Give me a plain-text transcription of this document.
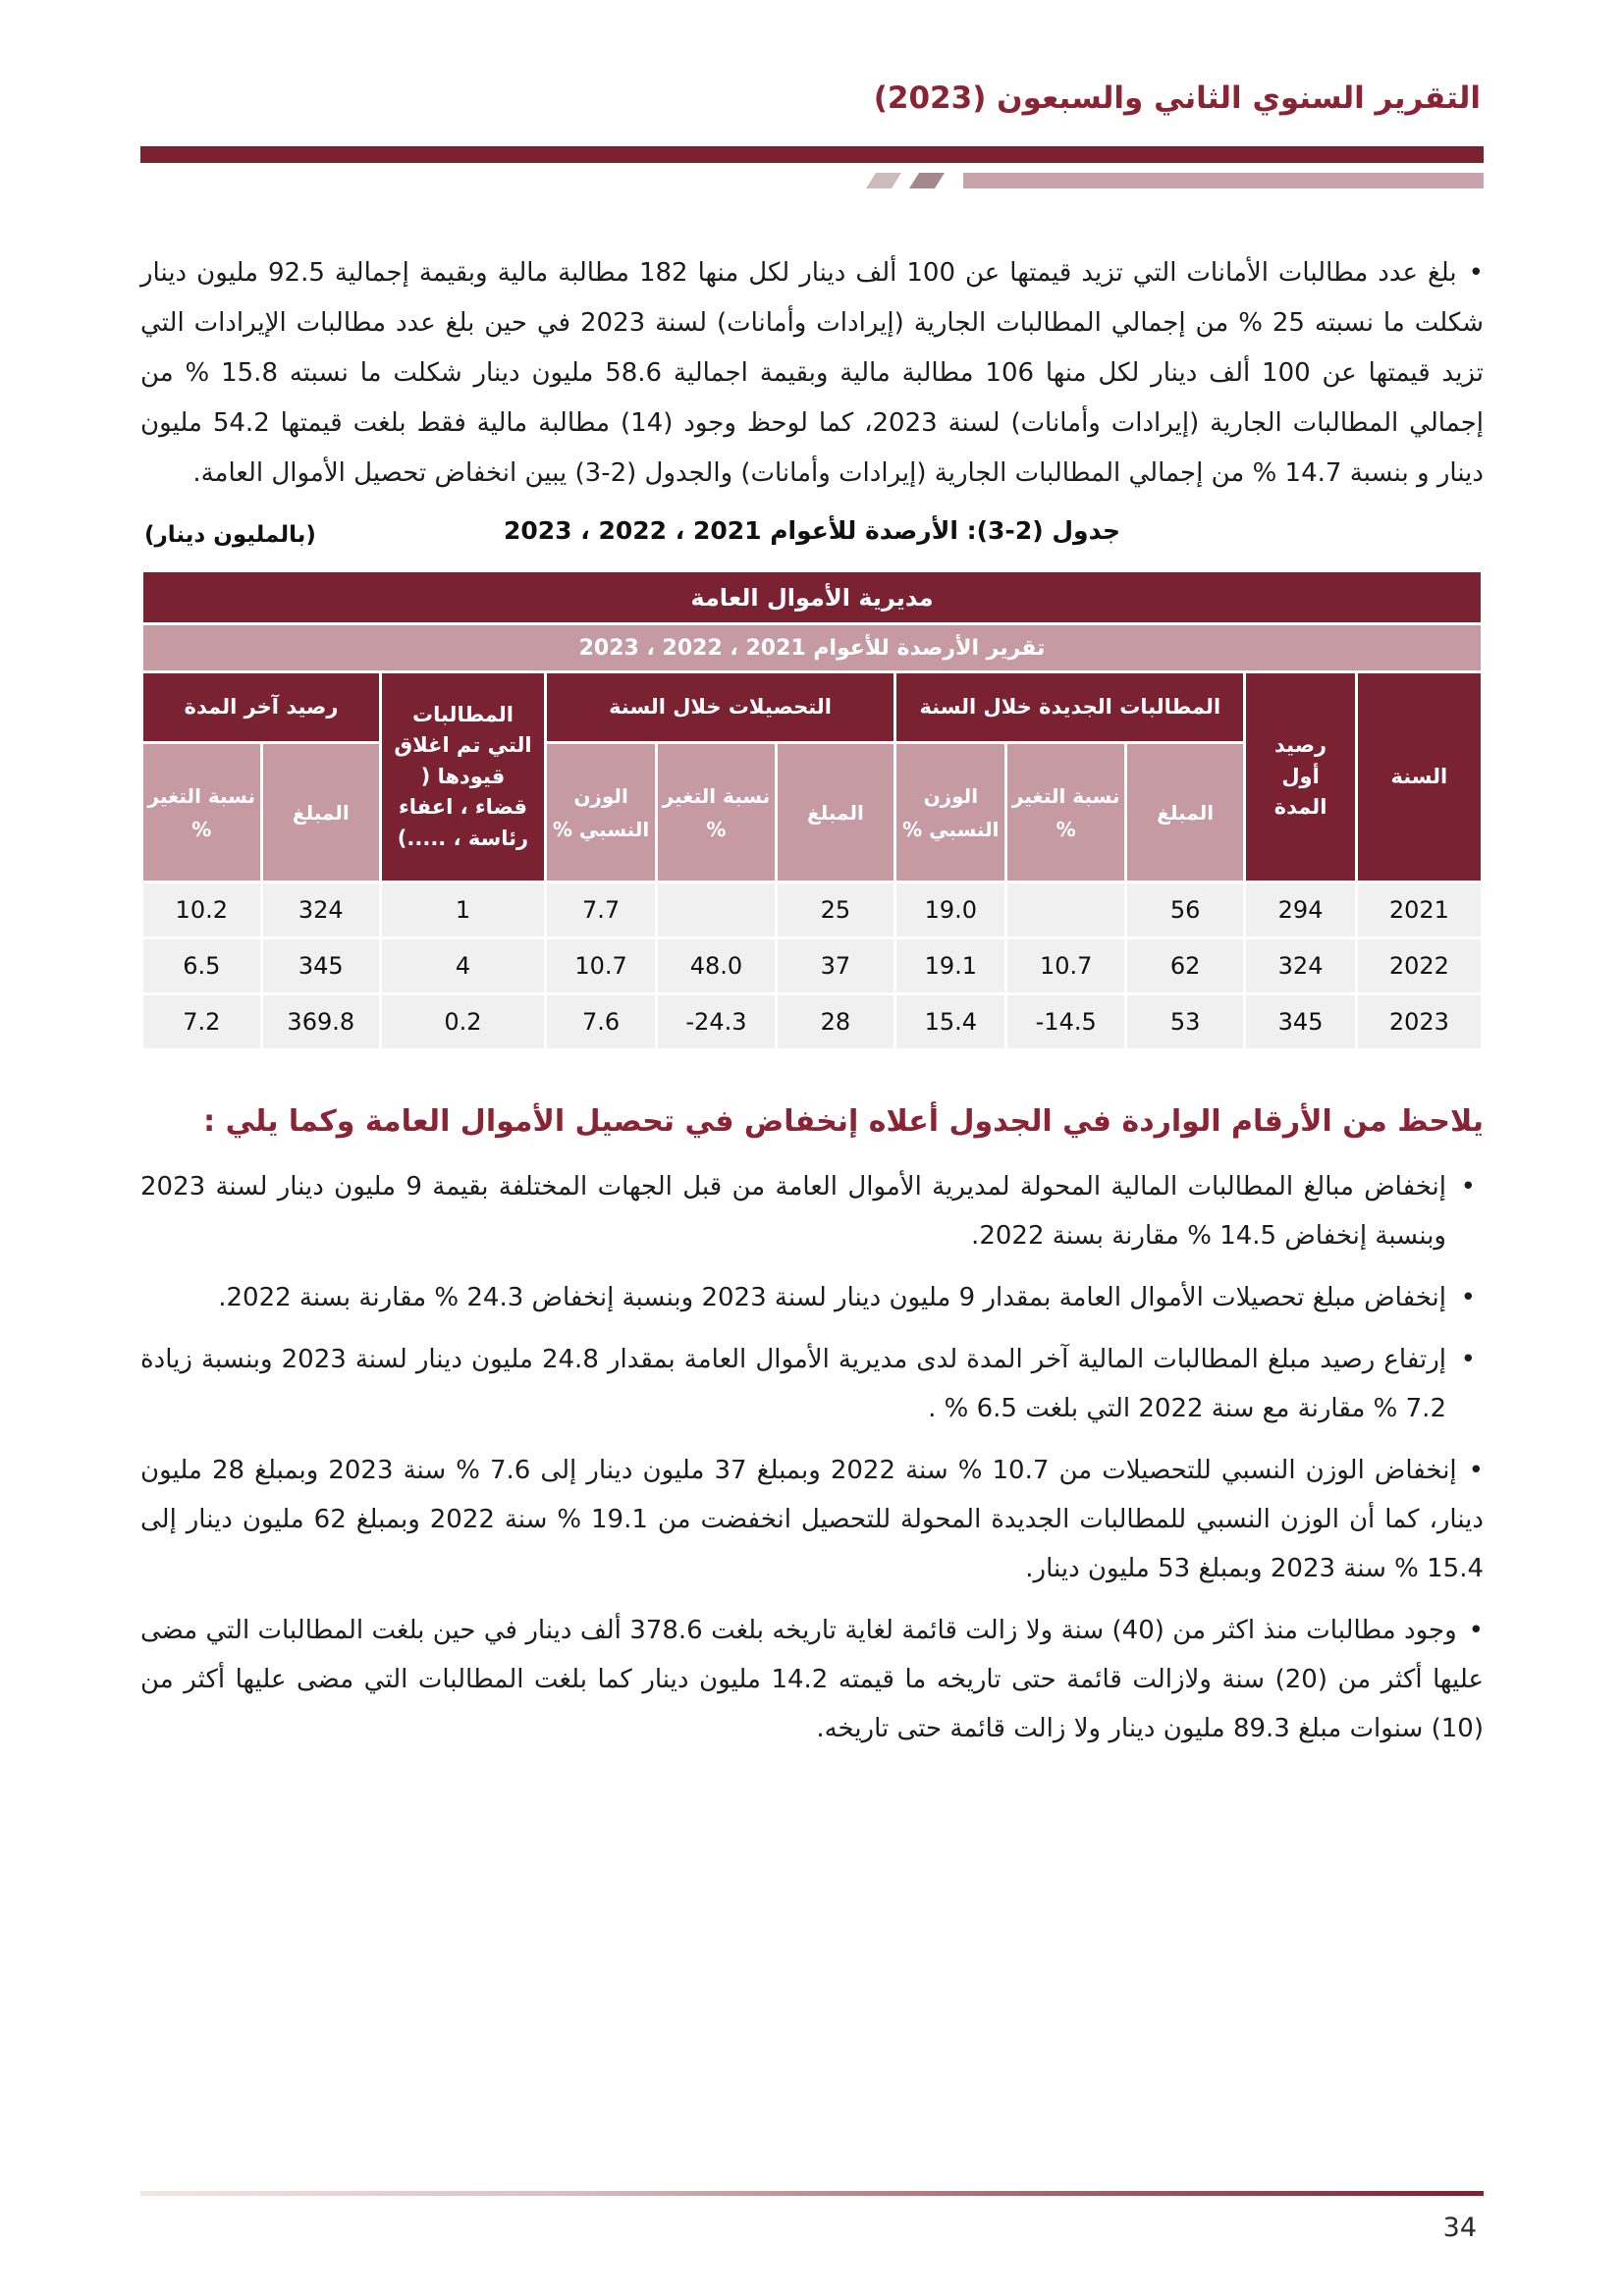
التقرير السنوي الثاني والسبعون (2023)

•بلغ عدد مطالبات الأمانات التي تزيد قيمتها عن 100 ألف دينار لكل منها 182 مطالبة مالية وبقيمة إجمالية 92.5 مليون دينار شكلت ما نسبته 25 % من إجمالي المطالبات الجارية (إيرادات وأمانات) لسنة 2023 في حين بلغ عدد مطالبات الإيرادات التي تزيد قيمتها عن 100 ألف دينار لكل منها 106 مطالبة مالية وبقيمة اجمالية 58.6 مليون دينار شكلت ما نسبته 15.8 % من إجمالي المطالبات الجارية (إيرادات وأمانات) لسنة 2023، كما لوحظ وجود (14) مطالبة مالية فقط بلغت قيمتها 54.2 مليون دينار و بنسبة 14.7 % من إجمالي المطالبات الجارية (إيرادات وأمانات) والجدول (2-3) يبين انخفاض تحصيل الأموال العامة.

(بالمليون دينار)	جدول (2-3): الأرصدة للأعوام 2021 ، 2022 ، 2023
مديرية الأموال العامة										
تقرير الأرصدة للأعوام 2021 ، 2022 ، 2023										
السنة	رصيد أول المدة	المطالبات الجديدة خلال السنة			التحصيلات خلال السنة			المطالبات التي تم اغلاق قيودها ( قضاء ، اعفاء رئاسة ، .....)	رصيد آخر المدة	
		المبلغ	نسبة التغير %	الوزن النسبي %	المبلغ	نسبة التغير %	الوزن النسبي %		المبلغ	نسبة التغير %
2021	294	56		19.0	25		7.7	1	324	10.2
2022	324	62	10.7	19.1	37	48.0	10.7	4	345	6.5
2023	345	53	-14.5	15.4	28	-24.3	7.6	0.2	369.8	7.2
يلاحظ من الأرقام الواردة في الجدول أعلاه إنخفاض في تحصيل الأموال العامة وكما يلي :
•
إنخفاض مبالغ المطالبات المالية المحولة لمديرية الأموال العامة من قبل الجهات المختلفة بقيمة 9 مليون دينار لسنة 2023 وبنسبة إنخفاض 14.5 % مقارنة بسنة 2022.
•
إنخفاض مبلغ تحصيلات الأموال العامة بمقدار 9 مليون دينار لسنة 2023 وبنسبة إنخفاض 24.3 % مقارنة بسنة 2022.
•
إرتفاع رصيد مبلغ المطالبات المالية آخر المدة لدى مديرية الأموال العامة بمقدار 24.8 مليون دينار لسنة 2023 وبنسبة زيادة 7.2 % مقارنة مع سنة 2022 التي بلغت 6.5 % .
•إنخفاض الوزن النسبي للتحصيلات من 10.7 % سنة 2022 وبمبلغ 37 مليون دينار إلى 7.6 % سنة 2023 وبمبلغ 28 مليون دينار، كما أن الوزن النسبي للمطالبات الجديدة المحولة للتحصيل انخفضت من 19.1 % سنة 2022 وبمبلغ 62 مليون دينار إلى 15.4 % سنة 2023 وبمبلغ 53 مليون دينار.
•وجود مطالبات منذ اكثر من (40) سنة ولا زالت قائمة لغاية تاريخه بلغت 378.6 ألف دينار في حين بلغت المطالبات التي مضى عليها أكثر من (20) سنة ولازالت قائمة حتى تاريخه ما قيمته 14.2 مليون دينار كما بلغت المطالبات التي مضى عليها أكثر من (10) سنوات مبلغ 89.3 مليون دينار ولا زالت قائمة حتى تاريخه.
34
